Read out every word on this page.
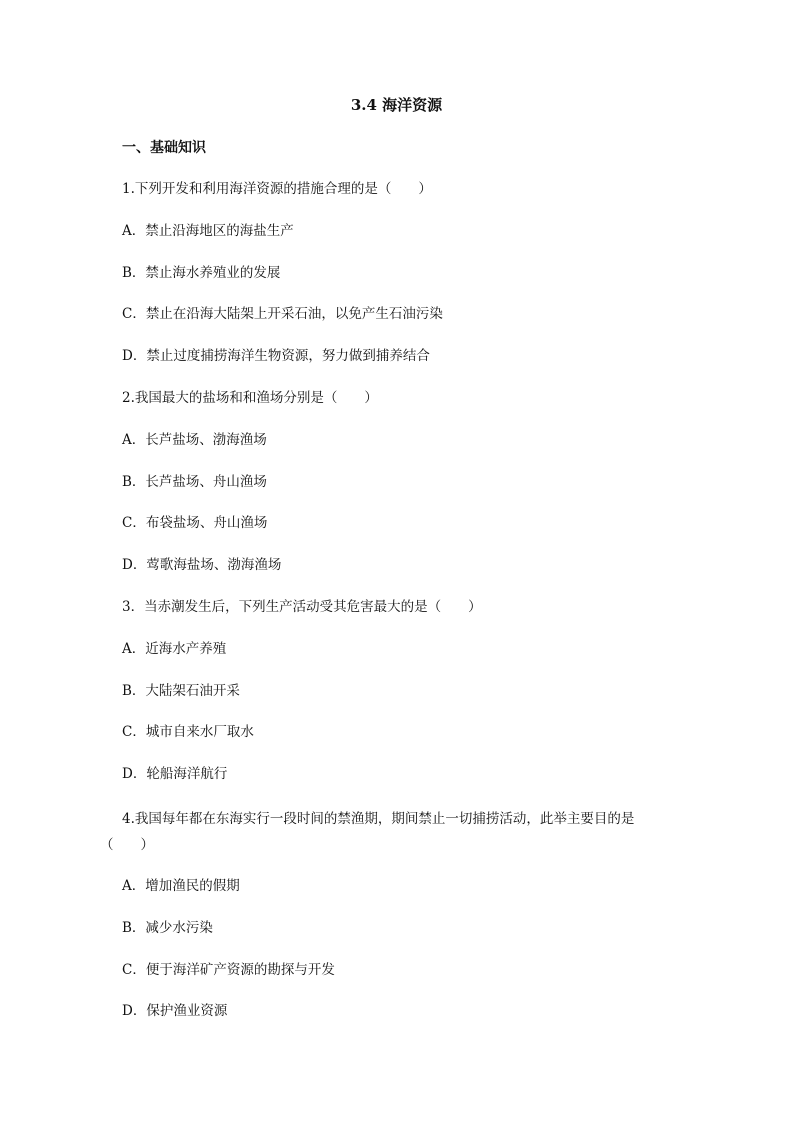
3.4 海洋资源
一、基础知识

1.下列开发和利用海洋资源的措施合理的是（　　）

A．禁止沿海地区的海盐生产

B．禁止海水养殖业的发展

C．禁止在沿海大陆架上开采石油，以免产生石油污染

D．禁止过度捕捞海洋生物资源，努力做到捕养结合

2.我国最大的盐场和和渔场分别是（　　）

A．长芦盐场、渤海渔场

B．长芦盐场、舟山渔场

C．布袋盐场、舟山渔场

D．莺歌海盐场、渤海渔场

3．当赤潮发生后，下列生产活动受其危害最大的是（　　）

A．近海水产养殖

B．大陆架石油开采

C．城市自来水厂取水

D．轮船海洋航行

4.我国每年都在东海实行一段时间的禁渔期，期间禁止一切捕捞活动，此举主要目的是
（　　）

A．增加渔民的假期

B．减少水污染

C．便于海洋矿产资源的勘探与开发

D．保护渔业资源
